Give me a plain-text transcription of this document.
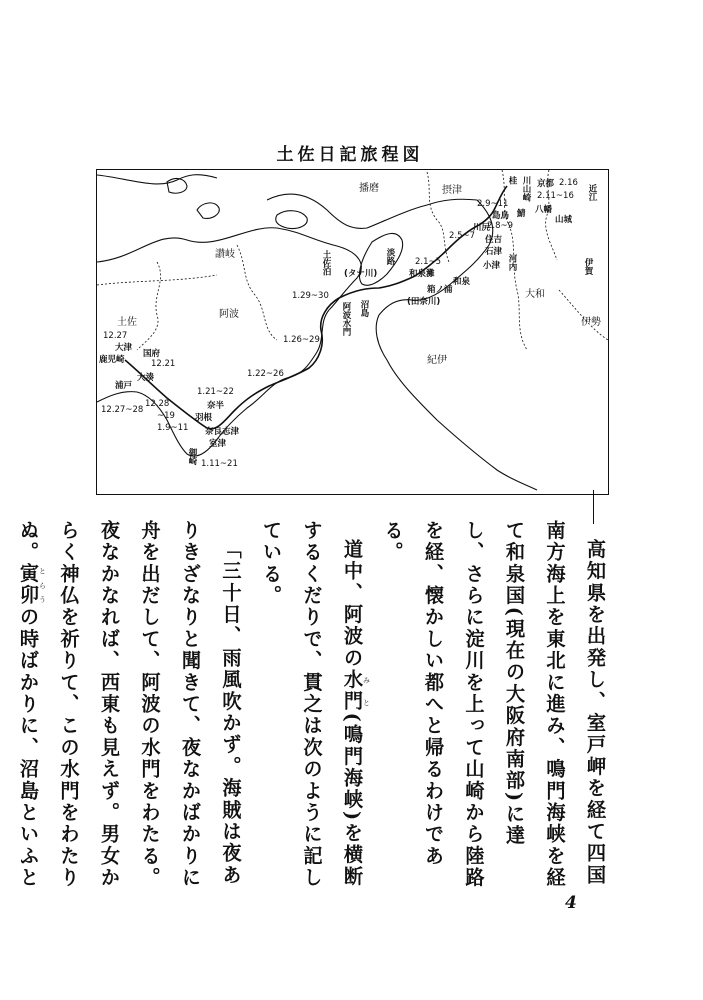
土佐日記旅程図
播磨	摂津
桂 川山崎 京都 2.16
近江
2.11~16
2.9~11
島鳥 鯖 八幡
山城
2.8~9
川尻
2.5~7 住吉
石津
河内	伊賀
讃岐	淡路
土佐泊 (タナ川)
2.1~5
和泉灘
小津
和泉
箱ノ浦
(田奈川)
大和
伊勢
阿波	沼島
1.29~30
阿波水門
1.26~29
紀伊
土佐
12.27
大津
鹿児崎
国府
12.21
1.22~26
浦戸
大湊
12.27~28
12.28
1.21~22
奈半
羽根
~19
1.9~11 奈良志津
室津
御崎 1.11~21

高知県を出発し、室戸岬を経て四国南方海上を東北に進み、鳴門海峡を経て和泉国(現在の大阪府南部)に達し、さらに淀川を上って山崎から陸路を経、懐かしい都へと帰るわけである。

道中、阿波の水門みと(鳴門海峡)を横断するくだりで、貫之は次のように記している。

「三十日、雨風吹かず。海賊は夜ありきざなりと聞きて、夜なかばかりに舟を出だして、阿波の水門をわたる。夜なかなれば、西東も見えず。男女からく神仏を祈りて、この水門をわたりぬ。寅卯とらうの時ばかりに、沼島といふと

4
